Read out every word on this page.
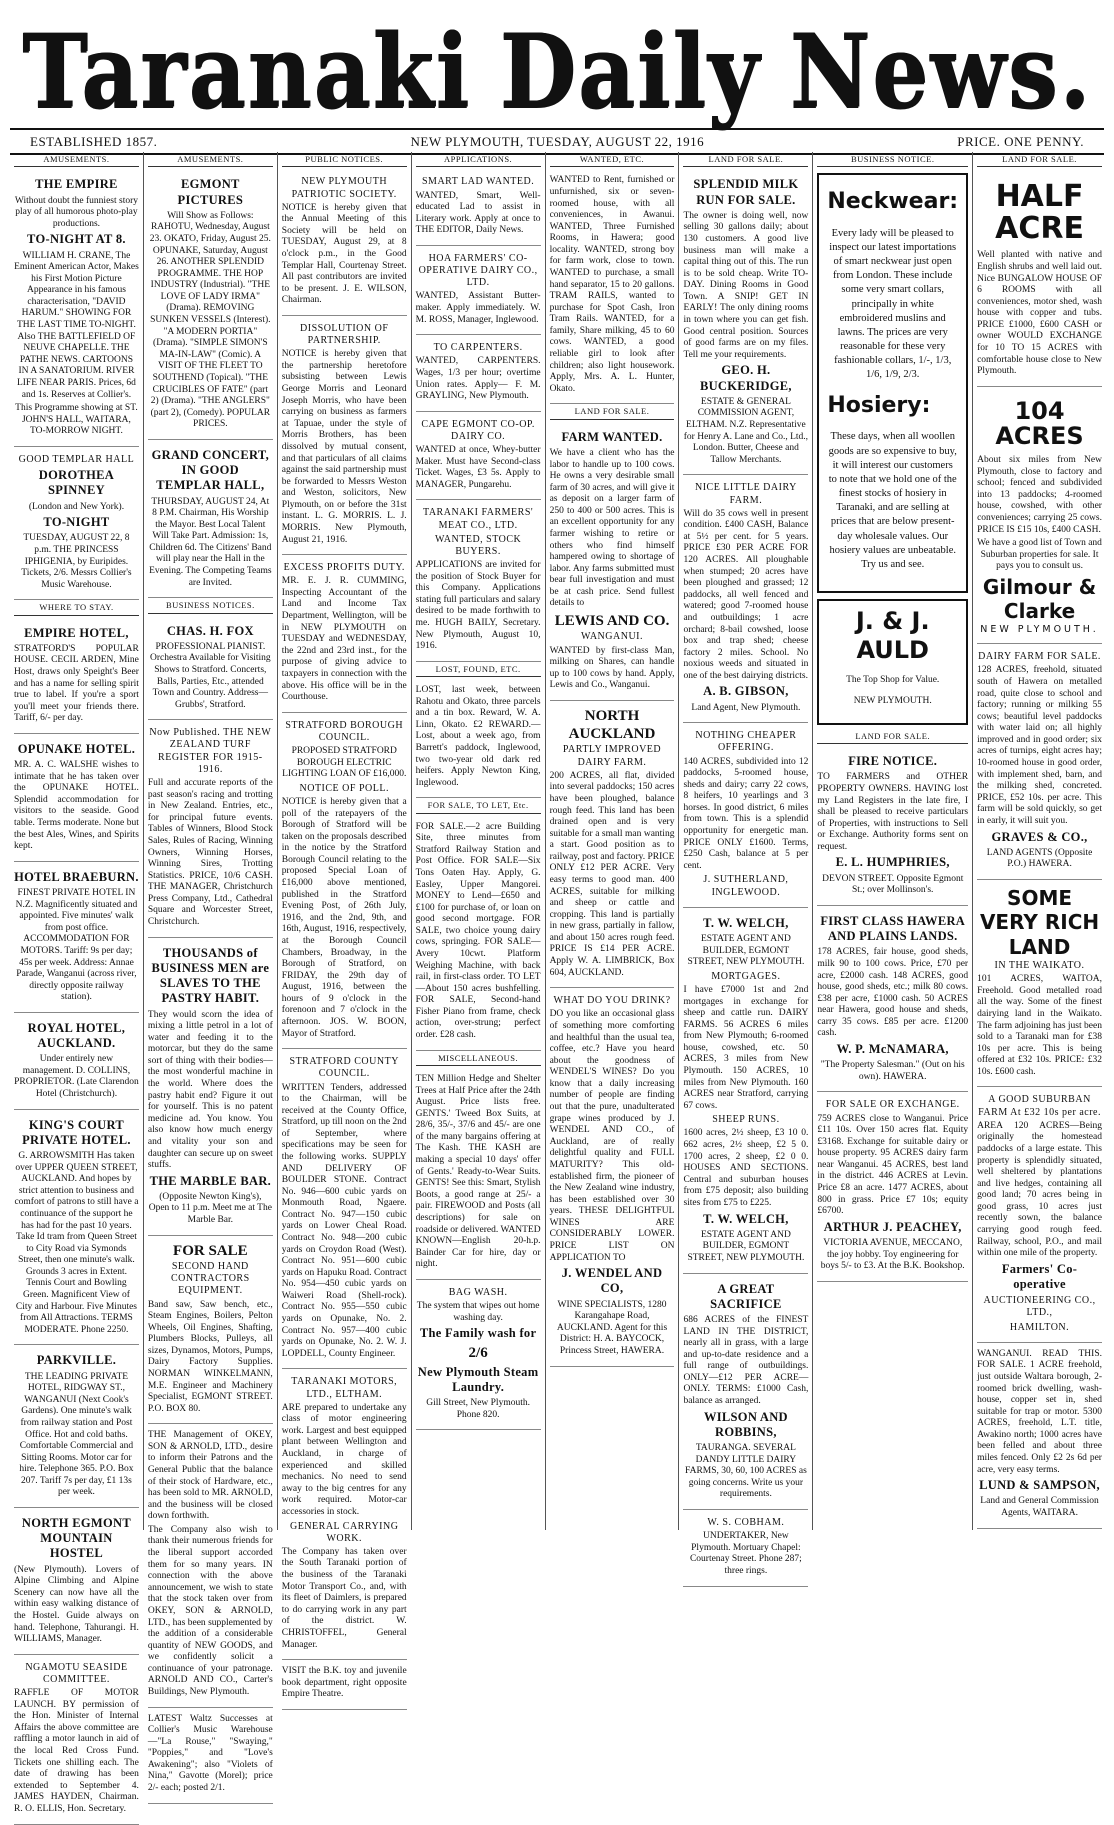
Taranaki Daily News.
ESTABLISHED 1857.	NEW PLYMOUTH, TUESDAY, AUGUST 22, 1916	PRICE. ONE PENNY.
AMUSEMENTS.
THE EMPIRE

Without doubt the funniest story play of all humorous photo-play productions.

TO-NIGHT AT 8.

WILLIAM H. CRANE, The Eminent American Actor, Makes his First Motion Picture Appearance in his famous characterisation, "DAVID HARUM." SHOWING FOR THE LAST TIME TO-NIGHT. Also THE BATTLEFIELD OF NEUVE CHAPELLE. THE PATHE NEWS. CARTOONS IN A SANATORIUM. RIVER LIFE NEAR PARIS. Prices, 6d and 1s. Reserves at Collier's.

This Programme showing at ST. JOHN'S HALL, WAITARA, TO-MORROW NIGHT.

GOOD TEMPLAR HALL
DOROTHEA SPINNEY

(London and New York).

TO-NIGHT

TUESDAY, AUGUST 22, 8 p.m. THE PRINCESS IPHIGENIA, by Euripides. Tickets, 2/6. Messrs Collier's Music Warehouse.

WHERE TO STAY.
EMPIRE HOTEL,

STRATFORD'S POPULAR HOUSE. CECIL ARDEN, Mine Host, draws only Speight's Beer and has a name for selling spirit true to label. If you're a sport you'll meet your friends there. Tariff, 6/- per day.

OPUNAKE HOTEL.

MR. A. C. WALSHE wishes to intimate that he has taken over the OPUNAKE HOTEL. Splendid accommodation for visitors to the seaside. Good table. Terms moderate. None but the best Ales, Wines, and Spirits kept.

HOTEL BRAEBURN.

FINEST PRIVATE HOTEL IN N.Z. Magnificently situated and appointed. Five minutes' walk from post office. ACCOMMODATION FOR MOTORS. Tariff: 9s per day; 45s per week. Address: Annae Parade, Wanganui (across river, directly opposite railway station).

ROYAL HOTEL, AUCKLAND.

Under entirely new management. D. COLLINS, PROPRIETOR. (Late Clarendon Hotel (Christchurch).

KING'S COURT PRIVATE HOTEL.

G. ARROWSMITH Has taken over UPPER QUEEN STREET, AUCKLAND. And hopes by strict attention to business and comfort of patrons to still have a continuance of the support he has had for the past 10 years. Take Id tram from Queen Street to City Road via Symonds Street, then one minute's walk. Grounds 3 acres in Extent. Tennis Court and Bowling Green. Magnificent View of City and Harbour. Five Minutes from All Attractions. TERMS MODERATE. Phone 2250.

PARKVILLE.

THE LEADING PRIVATE HOTEL, RIDGWAY ST., WANGANUI (Next Cook's Gardens). One minute's walk from railway station and Post Office. Hot and cold baths. Comfortable Commercial and Sitting Rooms. Motor car for hire. Telephone 365. P.O. Box 207. Tariff 7s per day, £1 13s per week.

NORTH EGMONT MOUNTAIN HOSTEL

(New Plymouth). Lovers of Alpine Climbing and Alpine Scenery can now have all the within easy walking distance of the Hostel. Guide always on hand. Telephone, Tahurangi. H. WILLIAMS, Manager.

NGAMOTU SEASIDE COMMITTEE.

RAFFLE OF MOTOR LAUNCH. BY permission of the Hon. Minister of Internal Affairs the above committee are raffling a motor launch in aid of the local Red Cross Fund. Tickets one shilling each. The date of drawing has been extended to September 4. JAMES HAYDEN, Chairman. R. O. ELLIS, Hon. Secretary.

AMUSEMENTS.
EGMONT PICTURES

Will Show as Follows: RAHOTU, Wednesday, August 23. OKATO, Friday, August 25. OPUNAKE, Saturday, August 26. ANOTHER SPLENDID PROGRAMME. THE HOP INDUSTRY (Industrial). "THE LOVE OF LADY IRMA" (Drama). REMOVING SUNKEN VESSELS (Interest). "A MODERN PORTIA" (Drama). "SIMPLE SIMON'S MA-IN-LAW" (Comic). A VISIT OF THE FLEET TO SOUTHEND (Topical). "THE CRUCIBLES OF FATE" (part 2) (Drama). "THE ANGLERS" (part 2), (Comedy). POPULAR PRICES.

GRAND CONCERT, IN GOOD TEMPLAR HALL,

THURSDAY, AUGUST 24, At 8 P.M. Chairman, His Worship the Mayor. Best Local Talent Will Take Part. Admission: 1s, Children 6d. The Citizens' Band will play near the Hall in the Evening. The Competing Teams are Invited.

BUSINESS NOTICES.
CHAS. H. FOX

PROFESSIONAL PIANIST. Orchestra Available for Visiting Shows to Stratford. Concerts, Balls, Parties, Etc., attended Town and Country. Address—Grubbs', Stratford.

Now Published. THE NEW ZEALAND TURF REGISTER FOR 1915-1916.

Full and accurate reports of the past season's racing and trotting in New Zealand. Entries, etc., for principal future events. Tables of Winners, Blood Stock Sales, Rules of Racing, Winning Owners, Winning Horses, Winning Sires, Trotting Statistics. PRICE, 10/6 CASH. THE MANAGER, Christchurch Press Company, Ltd., Cathedral Square and Worcester Street, Christchurch.

THOUSANDS of BUSINESS MEN are SLAVES TO THE PASTRY HABIT.

They would scorn the idea of mixing a little petrol in a lot of water and feeding it to the motorcar, but they do the same sort of thing with their bodies—the most wonderful machine in the world. Where does the pastry habit end? Figure it out for yourself. This is no patent medicine ad. You know. You also know how much energy and vitality your son and daughter can secure up on sweet stuffs.

THE MARBLE BAR.

(Opposite Newton King's), Open to 11 p.m. Meet me at The Marble Bar.

FOR SALE
SECOND HAND CONTRACTORS EQUIPMENT.

Band saw, Saw bench, etc., Steam Engines, Boilers, Pelton Wheels, Oil Engines, Shafting, Plumbers Blocks, Pulleys, all sizes, Dynamos, Motors, Pumps, Dairy Factory Supplies. NORMAN WINKELMANN, M.E. Engineer and Machinery Specialist, EGMONT STREET. P.O. BOX 80.

THE Management of OKEY, SON & ARNOLD, LTD., desire to inform their Patrons and the General Public that the balance of their stock of Hardware, etc., has been sold to MR. ARNOLD, and the business will be closed down forthwith.

The Company also wish to thank their numerous friends for the liberal support accorded them for so many years. IN connection with the above announcement, we wish to state that the stock taken over from OKEY, SON & ARNOLD, LTD., has been supplemented by the addition of a considerable quantity of NEW GOODS, and we confidently solicit a continuance of your patronage. ARNOLD AND CO., Carter's Buildings, New Plymouth.

LATEST Waltz Successes at Collier's Music Warehouse—"La Rouse," "Swaying," "Poppies," and "Love's Awakening"; also "Violets of Nina," Gavotte (Morel); price 2/- each; posted 2/1.

PUBLIC NOTICES.
NEW PLYMOUTH PATRIOTIC SOCIETY.

NOTICE is hereby given that the Annual Meeting of this Society will be held on TUESDAY, August 29, at 8 o'clock p.m., in the Good Templar Hall, Courtenay Street. All past contributors are invited to be present. J. E. WILSON, Chairman.

DISSOLUTION OF PARTNERSHIP.

NOTICE is hereby given that the partnership heretofore subsisting between Lewis George Morris and Leonard Joseph Morris, who have been carrying on business as farmers at Tapuae, under the style of Morris Brothers, has been dissolved by mutual consent, and that particulars of all claims against the said partnership must be forwarded to Messrs Weston and Weston, solicitors, New Plymouth, on or before the 31st instant. L. G. MORRIS. L. J. MORRIS. New Plymouth, August 21, 1916.

EXCESS PROFITS DUTY.

MR. E. J. R. CUMMING, Inspecting Accountant of the Land and Income Tax Department, Wellington, will be in NEW PLYMOUTH on TUESDAY and WEDNESDAY, the 22nd and 23rd inst., for the purpose of giving advice to taxpayers in connection with the above. His office will be in the Courthouse.

STRATFORD BOROUGH COUNCIL.

PROPOSED STRATFORD BOROUGH ELECTRIC LIGHTING LOAN OF £16,000.

NOTICE OF POLL.

NOTICE is hereby given that a poll of the ratepayers of the Borough of Stratford will be taken on the proposals described in the notice by the Stratford Borough Council relating to the proposed Special Loan of £16,000 above mentioned, published in the Stratford Evening Post, of 26th July, 1916, and the 2nd, 9th, and 16th, August, 1916, respectively, at the Borough Council Chambers, Broadway, in the Borough of Stratford, on FRIDAY, the 29th day of August, 1916, between the hours of 9 o'clock in the forenoon and 7 o'clock in the afternoon. JOS. W. BOON, Mayor of Stratford.

STRATFORD COUNTY COUNCIL.

WRITTEN Tenders, addressed to the Chairman, will be received at the County Office, Stratford, up till noon on the 2nd of September, where specifications may be seen for the following works. SUPPLY AND DELIVERY OF BOULDER STONE. Contract No. 946—600 cubic yards on Monmouth Road, Ngaere. Contract No. 947—150 cubic yards on Lower Cheal Road. Contract No. 948—200 cubic yards on Croydon Road (West). Contract No. 951—600 cubic yards on Hapuku Road. Contract No. 954—450 cubic yards on Waiweri Road (Shell-rock). Contract No. 955—550 cubic yards on Opunake, No. 2. Contract No. 957—400 cubic yards on Opunake, No. 2. W. J. LOPDELL, County Engineer.

TARANAKI MOTORS, LTD., ELTHAM.

ARE prepared to undertake any class of motor engineering work. Largest and best equipped plant between Wellington and Auckland, in charge of experienced and skilled mechanics. No need to send away to the big centres for any work required. Motor-car accessories in stock.

GENERAL CARRYING WORK.

The Company has taken over the South Taranaki portion of the business of the Taranaki Motor Transport Co., and, with its fleet of Daimlers, is prepared to do carrying work in any part of the district. W. CHRISTOFFEL, General Manager.

VISIT the B.K. toy and juvenile book department, right opposite Empire Theatre.

APPLICATIONS.
SMART LAD WANTED.

WANTED, Smart, Well-educated Lad to assist in Literary work. Apply at once to THE EDITOR, Daily News.

HOA FARMERS' CO-OPERATIVE DAIRY CO., LTD.

WANTED, Assistant Butter-maker. Apply immediately. W. M. ROSS, Manager, Inglewood.

TO CARPENTERS.

WANTED, CARPENTERS. Wages, 1/3 per hour; overtime Union rates. Apply— F. M. GRAYLING, New Plymouth.

CAPE EGMONT CO-OP. DAIRY CO.

WANTED at once, Whey-butter Maker. Must have Second-class Ticket. Wages, £3 5s. Apply to MANAGER, Pungarehu.

TARANAKI FARMERS' MEAT CO., LTD.
WANTED, STOCK BUYERS.

APPLICATIONS are invited for the position of Stock Buyer for this Company. Applications stating full particulars and salary desired to be made forthwith to me. HUGH BAILY, Secretary. New Plymouth, August 10, 1916.

LOST, FOUND, ETC.

LOST, last week, between Rahotu and Okato, three parcels and a tin box. Reward, W. A. Linn, Okato. £2 REWARD.—Lost, about a week ago, from Barrett's paddock, Inglewood, two two-year old dark red heifers. Apply Newton King, Inglewood.

FOR SALE, TO LET, Etc.

FOR SALE.—2 acre Building Site, three minutes from Stratford Railway Station and Post Office. FOR SALE—Six Tons Oaten Hay. Apply, G. Easley, Upper Mangorei. MONEY to Lend—£650 and £100 for purchase of, or loan on good second mortgage. FOR SALE, two choice young dairy cows, springing. FOR SALE—Avery 10cwt. Platform Weighing Machine, with back rail, in first-class order. TO LET—About 150 acres bushfelling. FOR SALE, Second-hand Fisher Piano from frame, check action, over-strung; perfect order. £28 cash.

MISCELLANEOUS.

TEN Million Hedge and Shelter Trees at Half Price after the 24th August. Price lists free. GENTS.' Tweed Box Suits, at 28/6, 35/-, 37/6 and 45/- are one of the many bargains offering at The Kash. THE KASH are making a special 10 days' offer of Gents.' Ready-to-Wear Suits. GENTS! See this: Smart, Stylish Boots, a good range at 25/- a pair. FIREWOOD and Posts (all descriptions) for sale on roadside or delivered. WANTED KNOWN—English 20-h.p. Bainder Car for hire, day or night.

BAG WASH.

The system that wipes out home washing day.

The Family wash for
2/6
New Plymouth Steam Laundry.

Gill Street, New Plymouth. Phone 820.

WANTED, ETC.

WANTED to Rent, furnished or unfurnished, six or seven-roomed house, with all conveniences, in Awanui. WANTED, Three Furnished Rooms, in Hawera; good locality. WANTED, strong boy for farm work, close to town. WANTED to purchase, a small hand separator, 15 to 20 gallons. TRAM RAILS, wanted to purchase for Spot Cash, Iron Tram Rails. WANTED, for a family, Share milking, 45 to 60 cows. WANTED, a good reliable girl to look after children; also light housework. Apply, Mrs. A. L. Hunter, Okato.

LAND FOR SALE.
FARM WANTED.

We have a client who has the labor to handle up to 100 cows. He owns a very desirable small farm of 30 acres, and will give it as deposit on a larger farm of 250 to 400 or 500 acres. This is an excellent opportunity for any farmer wishing to retire or others who find himself hampered owing to shortage of labor. Any farms submitted must bear full investigation and must be at cash price. Send fullest details to

LEWIS AND CO.
WANGANUI.

WANTED by first-class Man, milking on Shares, can handle up to 100 cows by hand. Apply, Lewis and Co., Wanganui.

NORTH AUCKLAND
PARTLY IMPROVED DAIRY FARM.

200 ACRES, all flat, divided into several paddocks; 150 acres have been ploughed, balance rough feed. This land has been drained open and is very suitable for a small man wanting a start. Good position as to railway, post and factory. PRICE ONLY £12 PER ACRE. Very easy terms to good man. 400 ACRES, suitable for milking and sheep or cattle and cropping. This land is partially in new grass, partially in fallow, and about 150 acres rough feed. PRICE IS £14 PER ACRE. Apply W. A. LIMBRICK, Box 604, AUCKLAND.

WHAT DO YOU DRINK?

DO you like an occasional glass of something more comforting and healthful than the usual tea, coffee, etc.? Have you heard about the goodness of WENDEL'S WINES? Do you know that a daily increasing number of people are finding out that the pure, unadulterated grape wines produced by J. WENDEL AND CO., of Auckland, are of really delightful quality and FULL MATURITY? This old-established firm, the pioneer of the New Zealand wine industry, has been established over 30 years. THESE DELIGHTFUL WINES ARE CONSIDERABLY LOWER. PRICE LIST ON APPLICATION TO

J. WENDEL AND CO,

WINE SPECIALISTS, 1280 Karangahape Road, AUCKLAND. Agent for this District: H. A. BAYCOCK, Princess Street, HAWERA.

LAND FOR SALE.
SPLENDID MILK RUN FOR SALE.

The owner is doing well, now selling 30 gallons daily; about 130 customers. A good live business man will make a capital thing out of this. The run is to be sold cheap. Write TO-DAY. Dining Rooms in Good Town. A SNIP! GET IN EARLY! The only dining rooms in town where you can get fish. Good central position. Sources of good farms are on my files. Tell me your requirements.

GEO. H. BUCKERIDGE,

ESTATE & GENERAL COMMISSION AGENT, ELTHAM. N.Z. Representative for Henry A. Lane and Co., Ltd., London. Butter, Cheese and Tallow Merchants.

NICE LITTLE DAIRY FARM.

Will do 35 cows well in present condition. £400 CASH, Balance at 5½ per cent. for 5 years. PRICE £30 PER ACRE FOR 120 ACRES. All ploughable when stumped; 20 acres have been ploughed and grassed; 12 paddocks, all well fenced and watered; good 7-roomed house and outbuildings; 1 acre orchard; 8-bail cowshed, loose box and trap shed; cheese factory 2 miles. School. No noxious weeds and situated in one of the best dairying districts.

A. B. GIBSON,

Land Agent, New Plymouth.

NOTHING CHEAPER OFFERING.

140 ACRES, subdivided into 12 paddocks, 5-roomed house, sheds and dairy; carry 22 cows, 8 heifers, 10 yearlings and 3 horses. In good district, 6 miles from town. This is a splendid opportunity for energetic man. PRICE ONLY £1600. Terms, £250 Cash, balance at 5 per cent.

J. SUTHERLAND, INGLEWOOD.
T. W. WELCH,

ESTATE AGENT AND BUILDER, EGMONT STREET, NEW PLYMOUTH.

MORTGAGES.

I have £7000 1st and 2nd mortgages in exchange for sheep and cattle run. DAIRY FARMS. 56 ACRES 6 miles from New Plymouth; 6-roomed house, cowshed, etc. 50 ACRES, 3 miles from New Plymouth. 150 ACRES, 10 miles from New Plymouth. 160 ACRES near Stratford, carrying 67 cows.

SHEEP RUNS.

1600 acres, 2½ sheep, £3 10 0. 662 acres, 2½ sheep, £2 5 0. 1700 acres, 2 sheep, £2 0 0. HOUSES AND SECTIONS. Central and suburban houses from £75 deposit; also building sites from £75 to £225.

T. W. WELCH,

ESTATE AGENT AND BUILDER, EGMONT STREET, NEW PLYMOUTH.

A GREAT SACRIFICE

686 ACRES of the FINEST LAND IN THE DISTRICT, nearly all in grass, with a large and up-to-date residence and a full range of outbuildings. ONLY—£12 PER ACRE—ONLY. TERMS: £1000 Cash, balance as arranged.

WILSON AND ROBBINS,

TAURANGA. SEVERAL DANDY LITTLE DAIRY FARMS, 30, 60, 100 ACRES as going concerns. Write us your requirements.

W. S. COBHAM.

UNDERTAKER, New Plymouth. Mortuary Chapel: Courtenay Street. Phone 287; three rings.

BUSINESS NOTICE.
Neckwear:

Every lady will be pleased to inspect our latest importations of smart neckwear just open from London. These include some very smart collars, principally in white embroidered muslins and lawns. The prices are very reasonable for these very fashionable collars, 1/-, 1/3, 1/6, 1/9, 2/3.

Hosiery:

These days, when all woollen goods are so expensive to buy, it will interest our customers to note that we hold one of the finest stocks of hosiery in Taranaki, and are selling at prices that are below present-day wholesale values. Our hosiery values are unbeatable. Try us and see.

J. & J. AULD

The Top Shop for Value.

NEW PLYMOUTH.

LAND FOR SALE.
FIRE NOTICE.

TO FARMERS and OTHER PROPERTY OWNERS. HAVING lost my Land Registers in the late fire, I shall be pleased to receive particulars of Properties, with instructions to Sell or Exchange. Authority forms sent on request.

E. L. HUMPHRIES,

DEVON STREET. Opposite Egmont St.; over Mollinson's.

FIRST CLASS HAWERA AND PLAINS LANDS.

178 ACRES, fair house, good sheds, milk 90 to 100 cows. Price, £70 per acre, £2000 cash. 148 ACRES, good house, good sheds, etc.; milk 80 cows. £38 per acre, £1000 cash. 50 ACRES near Hawera, good house and sheds, carry 35 cows. £85 per acre. £1200 cash.

W. P. McNAMARA,

"The Property Salesman." (Out on his own). HAWERA.

FOR SALE OR EXCHANGE.

759 ACRES close to Wanganui. Price £11 10s. Over 150 acres flat. Equity £3168. Exchange for suitable dairy or house property. 95 ACRES dairy farm near Wanganui. 45 ACRES, best land in the district. 446 ACRES at Levin. Price £8 an acre. 1477 ACRES, about 800 in grass. Price £7 10s; equity £6700.

ARTHUR J. PEACHEY,

VICTORIA AVENUE, MECCANO, the joy hobby. Toy engineering for boys 5/- to £3. At the B.K. Bookshop.

LAND FOR SALE.
HALF ACRE

Well planted with native and English shrubs and well laid out. Nice BUNGALOW HOUSE OF 6 ROOMS with all conveniences, motor shed, wash house with copper and tubs. PRICE £1000, £600 CASH or owner WOULD EXCHANGE for 10 TO 15 ACRES with comfortable house close to New Plymouth.

104 ACRES

About six miles from New Plymouth, close to factory and school; fenced and subdivided into 13 paddocks; 4-roomed house, cowshed, with other conveniences; carrying 25 cows. PRICE IS £15 10s, £400 CASH.

We have a good list of Town and Suburban properties for sale. It pays you to consult us.

Gilmour & Clarke

NEW PLYMOUTH.

DAIRY FARM FOR SALE.

128 ACRES, freehold, situated south of Hawera on metalled road, quite close to school and factory; running or milking 55 cows; beautiful level paddocks with water laid on; all highly improved and in good order; six acres of turnips, eight acres hay; 10-roomed house in good order, with implement shed, barn, and the milking shed, concreted. PRICE, £52 10s. per acre. This farm will be sold quickly, so get in early, it will suit you.

GRAVES & CO.,

LAND AGENTS (Opposite P.O.) HAWERA.

SOME VERY RICH LAND
IN THE WAIKATO.

101 ACRES, WAITOA, Freehold. Good metalled road all the way. Some of the finest dairying land in the Waikato. The farm adjoining has just been sold to a Taranaki man for £38 10s per acre. This is being offered at £32 10s. PRICE: £32 10s. £600 cash.

A GOOD SUBURBAN FARM At £32 10s per acre.

AREA 120 ACRES—Being originally the homestead paddocks of a large estate. This property is splendidly situated, well sheltered by plantations and live hedges, containing all good land; 70 acres being in good grass, 10 acres just recently sown, the balance carrying good rough feed. Railway, school, P.O., and mail within one mile of the property.

Farmers' Co-operative
AUCTIONEERING CO., LTD.,
HAMILTON.

WANGANUI. READ THIS. FOR SALE. 1 ACRE freehold, just outside Waltara borough, 2-roomed brick dwelling, wash-house, copper set in, shed suitable for trap or motor. 5300 ACRES, freehold, L.T. title, Awakino north; 1000 acres have been felled and about three miles fenced. Only £2 2s 6d per acre, very easy terms.

LUND & SAMPSON,

Land and General Commission Agents, WAITARA.
